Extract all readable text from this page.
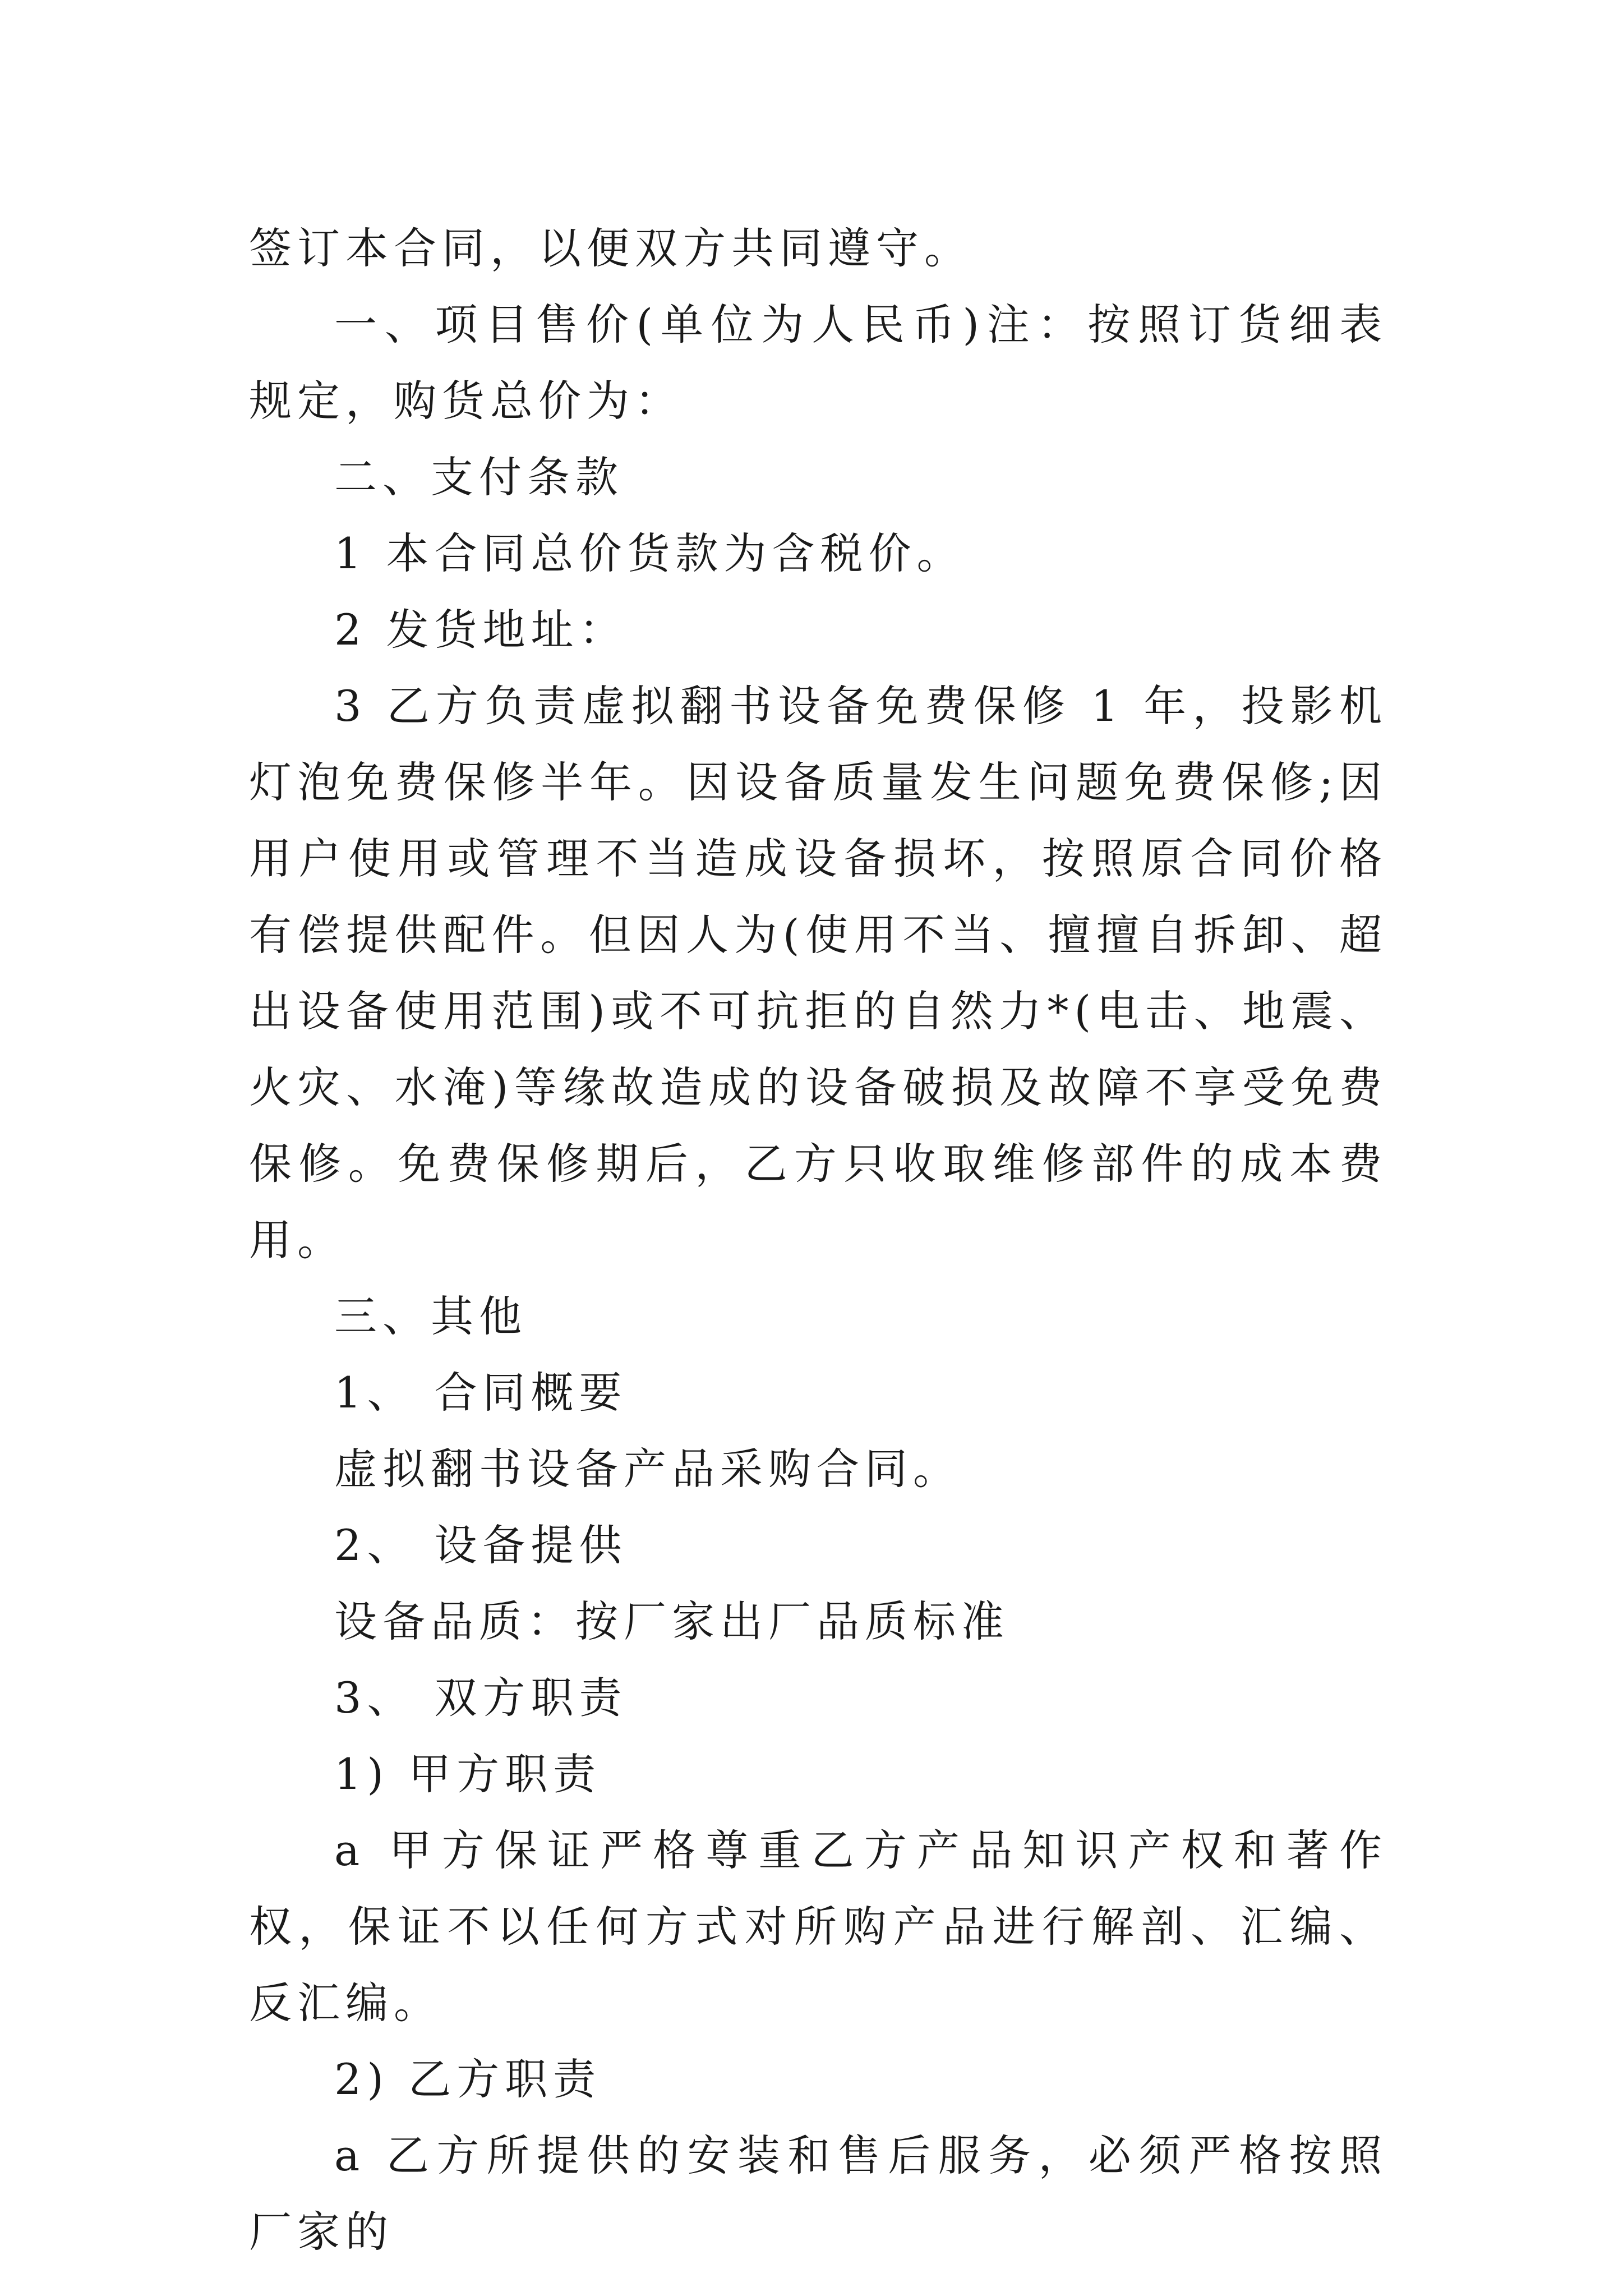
签订本合同，以便双方共同遵守。

一、项目售价(单位为人民币)注：按照订货细表规定，购货总价为：

二、支付条款

1 本合同总价货款为含税价。

2 发货地址：

3 乙方负责虚拟翻书设备免费保修 1 年，投影机灯泡免费保修半年。因设备质量发生问题免费保修;因用户使用或管理不当造成设备损坏，按照原合同价格有偿提供配件。但因人为(使用不当、擅擅自拆卸、超出设备使用范围)或不可抗拒的自然力*(电击、地震、火灾、水淹)等缘故造成的设备破损及故障不享受免费保修。免费保修期后，乙方只收取维修部件的成本费用。

三、其他

1、 合同概要

虚拟翻书设备产品采购合同。

2、 设备提供

设备品质：按厂家出厂品质标准

3、 双方职责

1) 甲方职责

a 甲方保证严格尊重乙方产品知识产权和著作权，保证不以任何方式对所购产品进行解剖、汇编、反汇编。

2) 乙方职责

a 乙方所提供的安装和售后服务，必须严格按照厂家的
